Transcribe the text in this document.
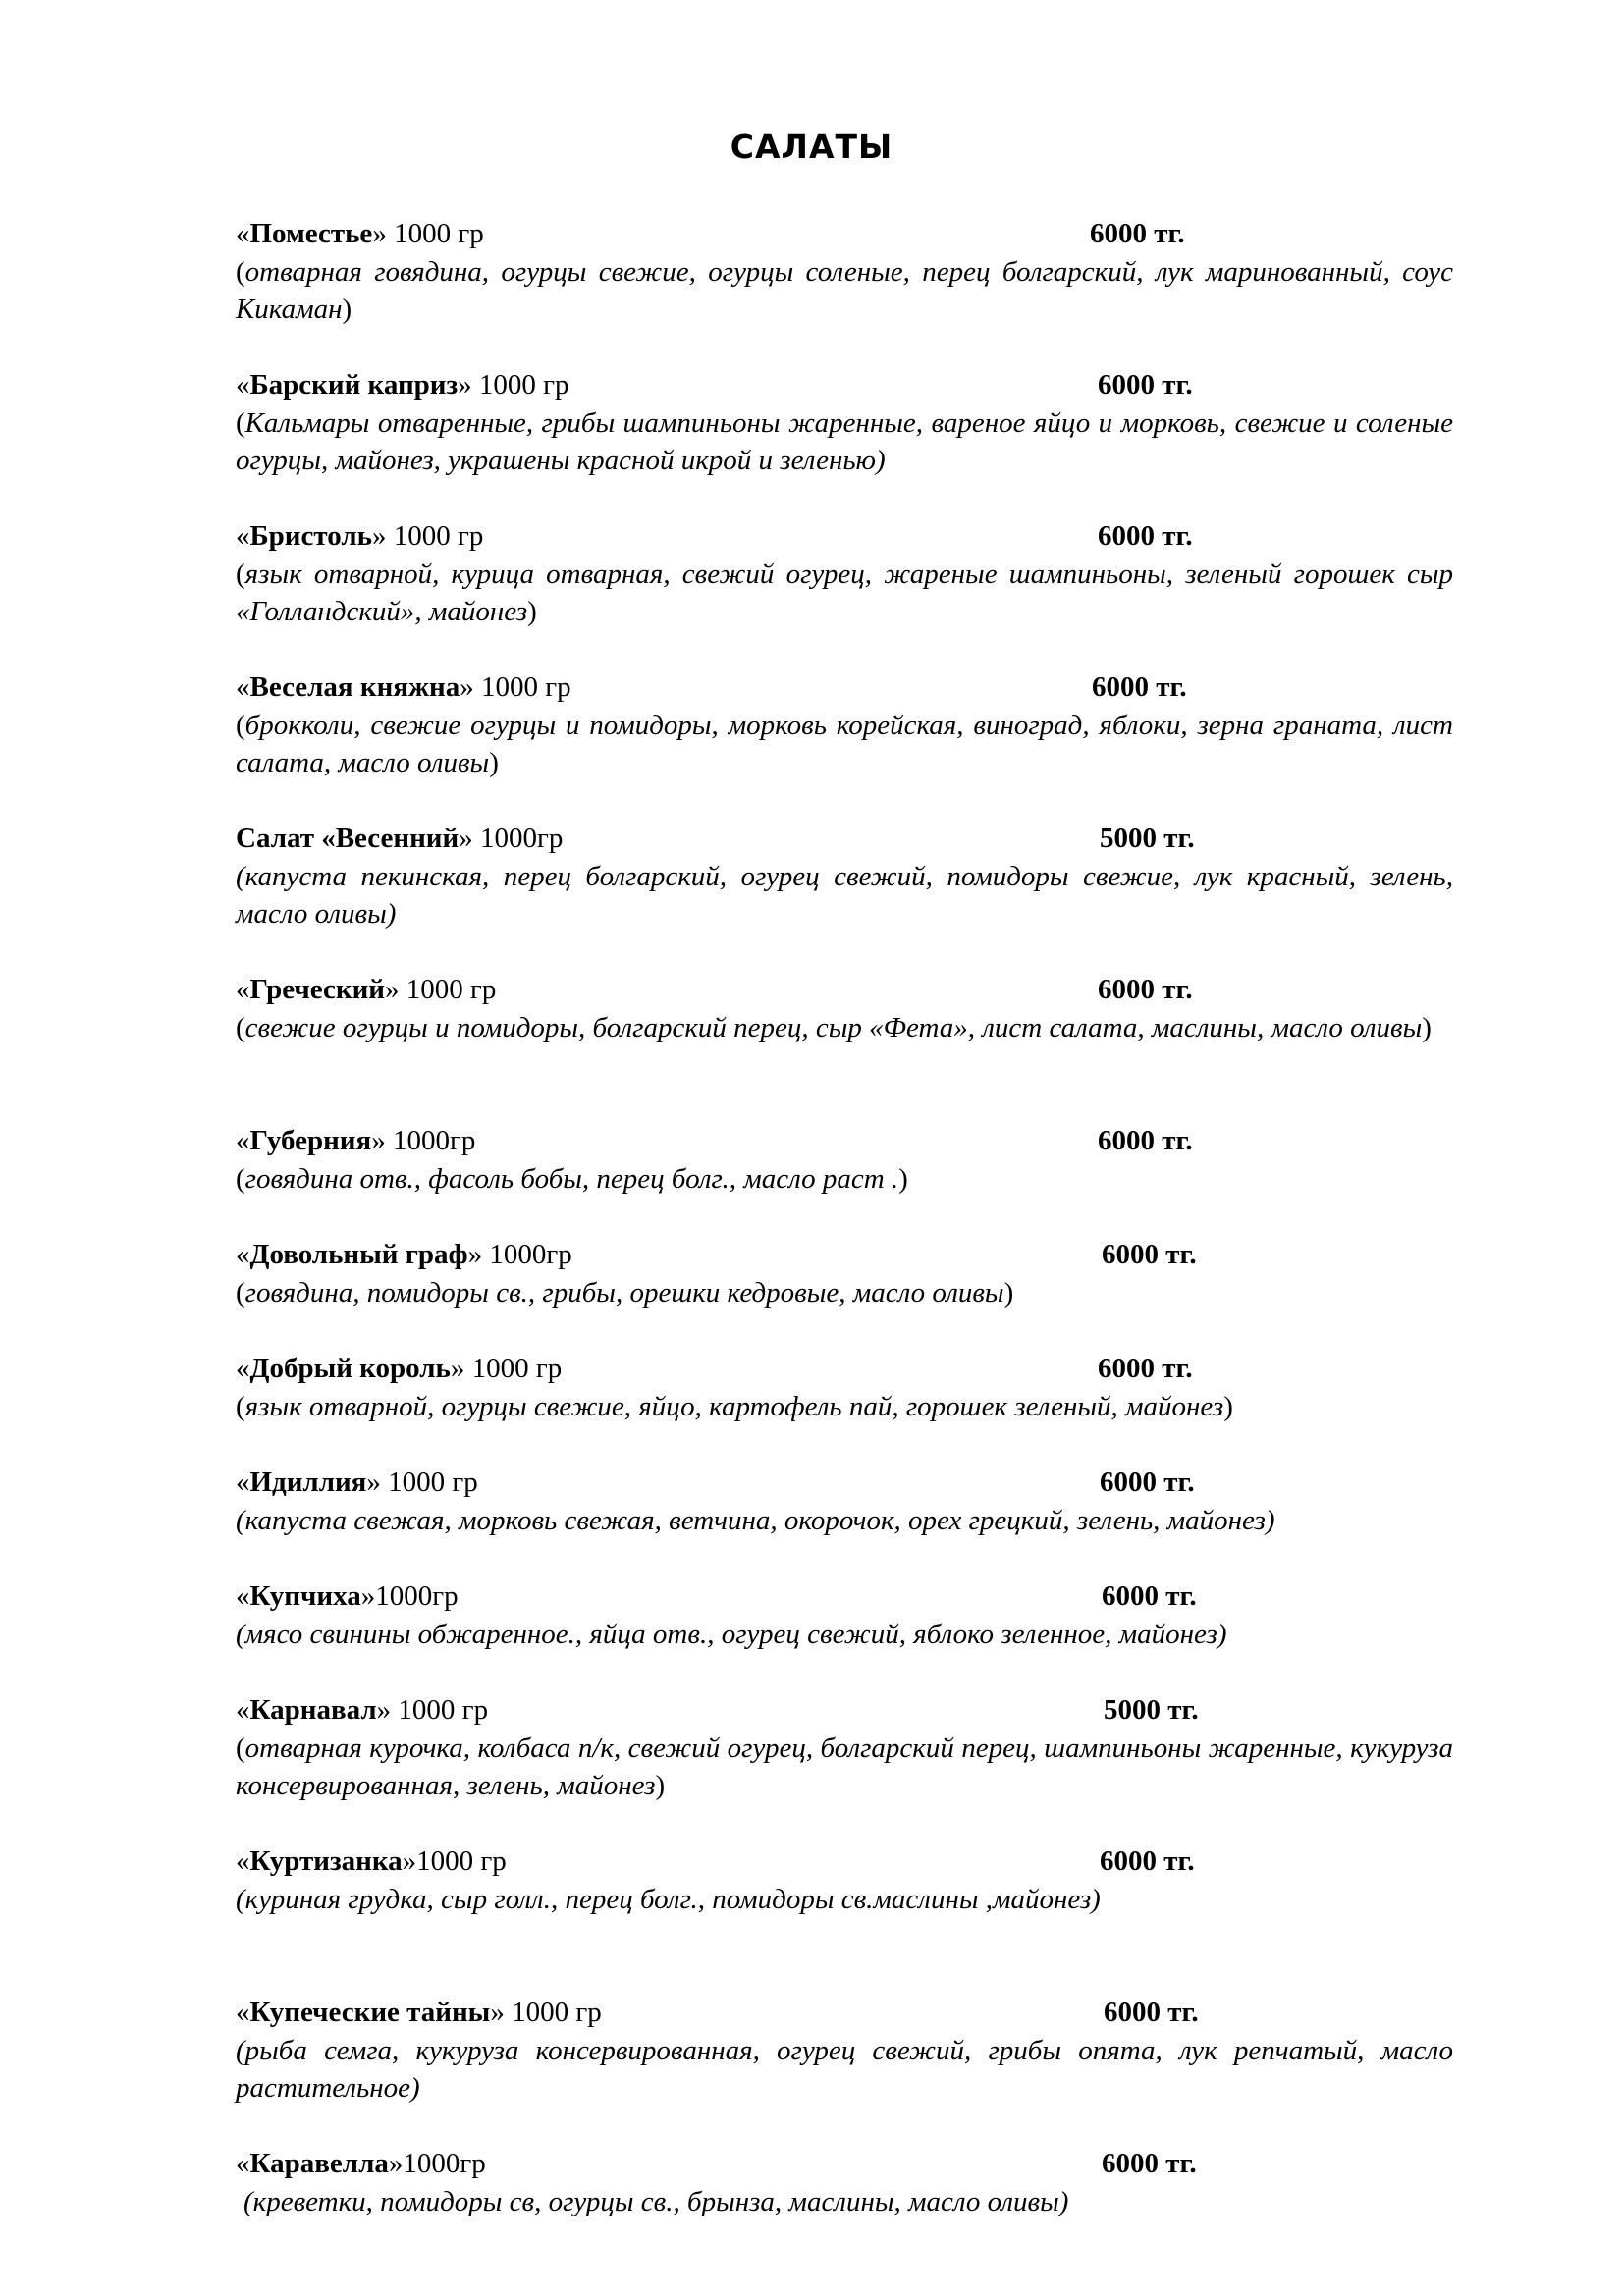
САЛАТЫ
«Поместье» 1000 гр	6000 тг.
(отварная говядина, огурцы свежие, огурцы соленые, перец болгарский, лук маринованный, соус Кикаман)
«Барский каприз» 1000 гр	6000 тг.
(Кальмары отваренные, грибы шампиньоны жаренные, вареное яйцо и морковь, свежие и соленые огурцы, майонез, украшены красной икрой и зеленью)
«Бристоль» 1000 гр	6000 тг.
(язык отварной, курица отварная, свежий огурец, жареные шампиньоны, зеленый горошек сыр «Голландский», майонез)
«Веселая княжна» 1000 гр	6000 тг.
(брокколи, свежие огурцы и помидоры, морковь корейская, виноград, яблоки, зерна граната, лист салата, масло оливы)
Салат «Весенний» 1000гр	5000 тг.
(капуста пекинская, перец болгарский, огурец свежий, помидоры свежие, лук красный, зелень, масло оливы)
«Греческий» 1000 гр	6000 тг.
(свежие огурцы и помидоры, болгарский перец, сыр «Фета», лист салата, маслины, масло оливы)
«Губерния» 1000гр	6000 тг.
(говядина отв., фасоль бобы, перец болг., масло раст .)
«Довольный граф» 1000гр	6000 тг.
(говядина, помидоры св., грибы, орешки кедровые, масло оливы)
«Добрый король» 1000 гр	6000 тг.
(язык отварной, огурцы свежие, яйцо, картофель пай, горошек зеленый, майонез)
«Идиллия» 1000 гр	6000 тг.
(капуста свежая, морковь свежая, ветчина, окорочок, орех грецкий, зелень, майонез)
«Купчиха»1000гр	6000 тг.
(мясо свинины обжаренное., яйца отв., огурец свежий, яблоко зеленное, майонез)
«Карнавал» 1000 гр	5000 тг.
(отварная курочка, колбаса п/к, свежий огурец, болгарский перец, шампиньоны жаренные, кукуруза консервированная, зелень, майонез)
«Куртизанка»1000 гр	6000 тг.
(куриная грудка, сыр голл., перец болг., помидоры св.маслины ,майонез)
«Купеческие тайны» 1000 гр	6000 тг.
(рыба семга, кукуруза консервированная, огурец свежий, грибы опята, лук репчатый, масло растительное)
«Каравелла»1000гр	6000 тг.
(креветки, помидоры св, огурцы св., брынза, маслины, масло оливы)
